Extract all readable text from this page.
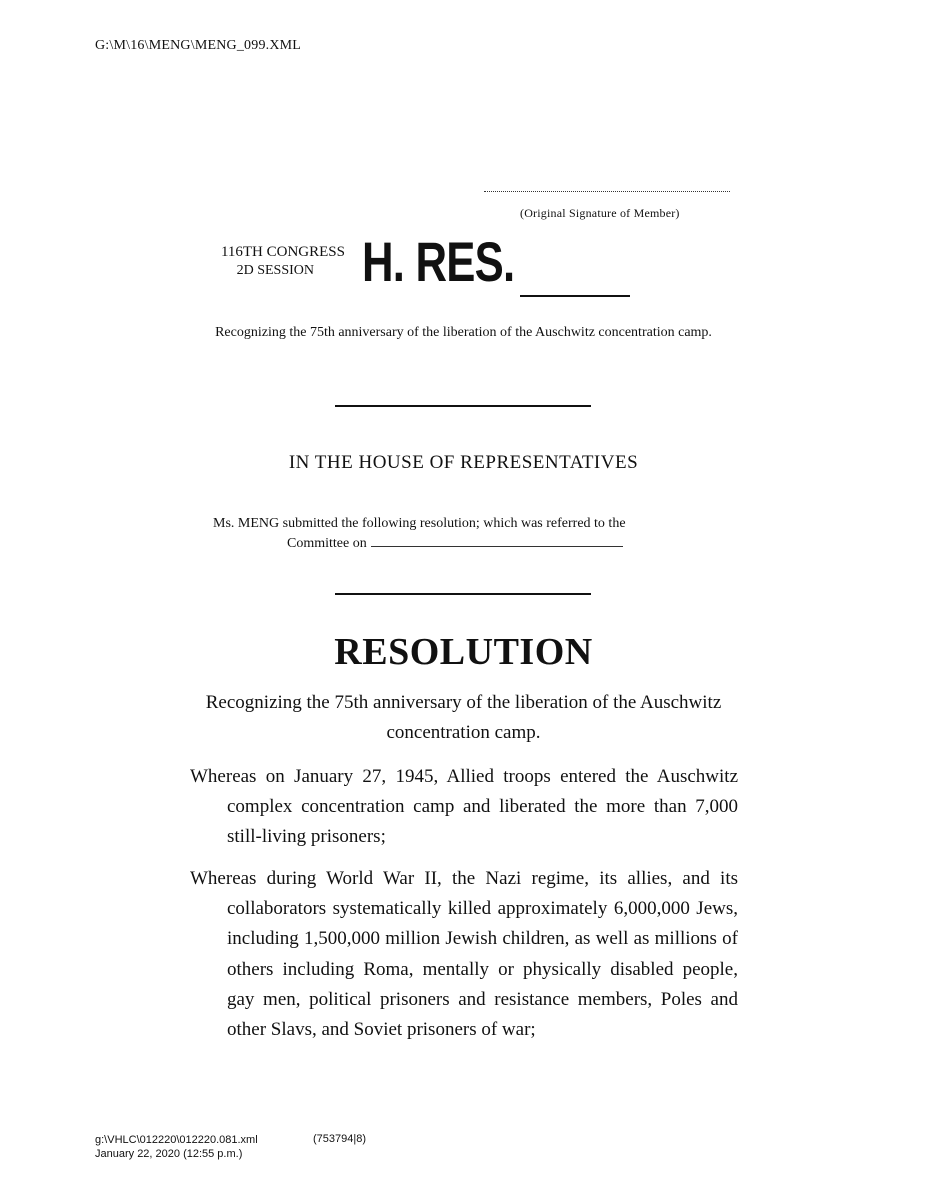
G:\M\16\MENG\MENG_099.XML
(Original Signature of Member)
116TH CONGRESS
2D SESSION H. RES.
Recognizing the 75th anniversary of the liberation of the Auschwitz concentration camp.
IN THE HOUSE OF REPRESENTATIVES
Ms. MENG submitted the following resolution; which was referred to the
Committee on
RESOLUTION
Recognizing the 75th anniversary of the liberation of the Auschwitz concentration camp.
Whereas on January 27, 1945, Allied troops entered the Auschwitz complex concentration camp and liberated the more than 7,000 still-living prisoners;
Whereas during World War II, the Nazi regime, its allies, and its collaborators systematically killed approximately 6,000,000 Jews, including 1,500,000 million Jewish children, as well as millions of others including Roma, mentally or physically disabled people, gay men, political prisoners and resistance members, Poles and other Slavs, and Soviet prisoners of war;
g:\VHLC\012220\012220.081.xml	(753794|8)
January 22, 2020 (12:55 p.m.)
